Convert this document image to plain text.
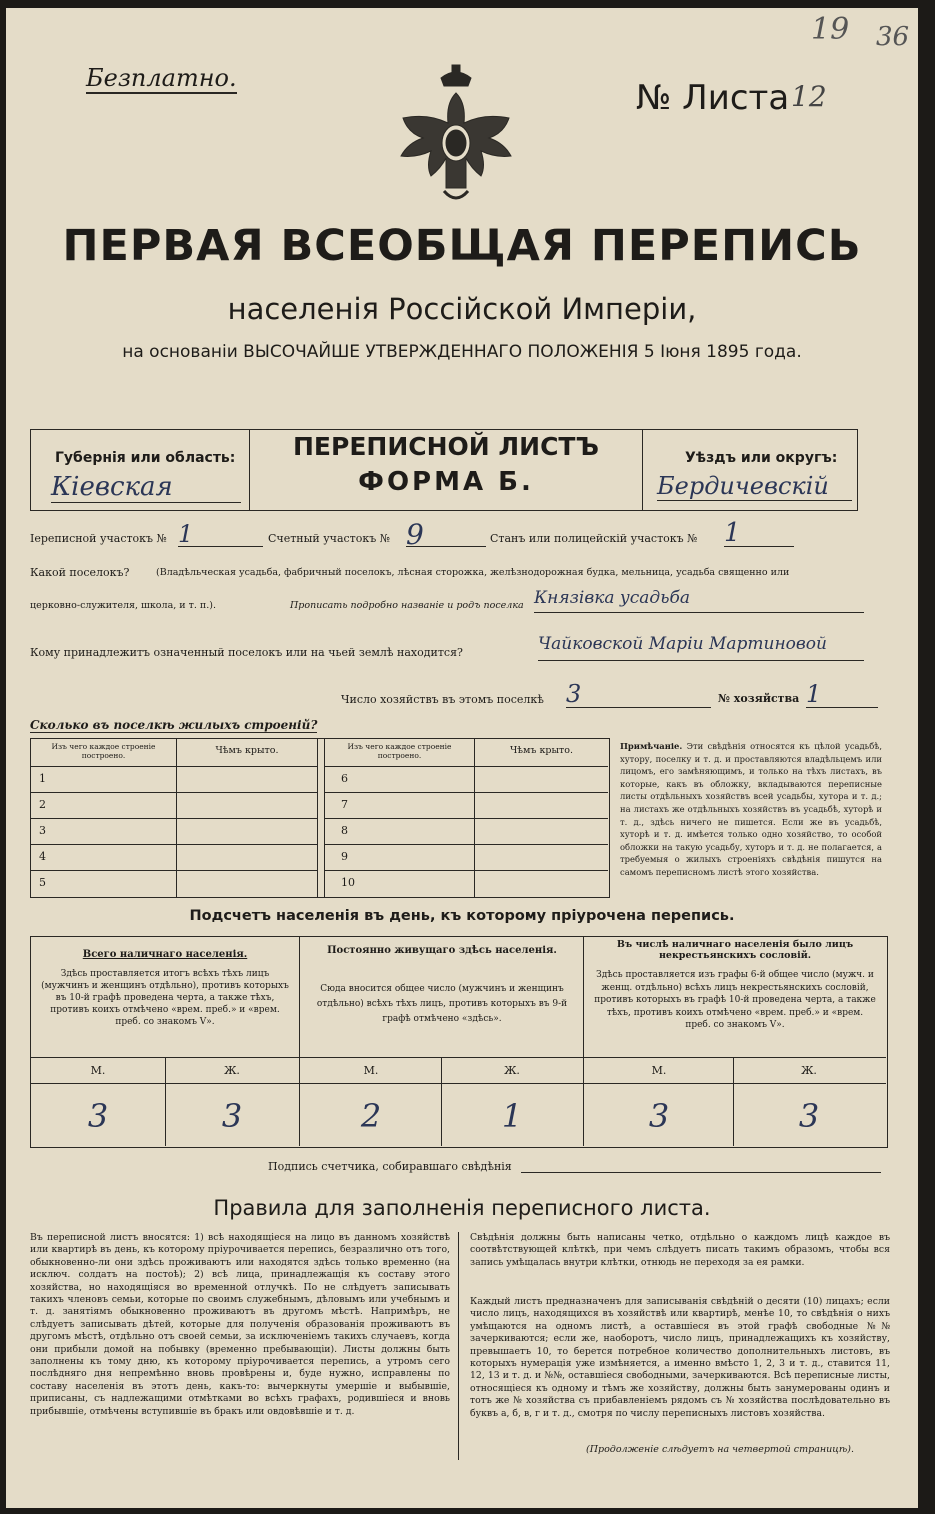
19 36
Безплатно.	№ Листа 12
ПЕРВАЯ ВСЕОБЩАЯ ПЕРЕПИСЬ
населенія Россійской Имперіи,
на основаніи ВЫСОЧАЙШЕ УТВЕРЖДЕННАГО ПОЛОЖЕНІЯ 5 Іюня 1895 года.
ПЕРЕПИСНОЙ ЛИСТЪ
ФОРМА Б.
Губернія или область:
Кіевская
Уѣздъ или округъ:
Бердичевскій
Іереписной участокъ № 1	Счетный участокъ № 9	Станъ или полицейскій участокъ № 1
Какой поселокъ?	(Владѣльческая усадьба, фабричный поселокъ, лѣсная сторожка, желѣзнодорожная будка, мельница, усадьба священно или
церковно-служителя, школа, и т. п.).	Прописать подробно названіе и родъ поселка Князівка усадьба
Кому принадлежитъ означенный поселокъ или на чьей землѣ находится?	Чайковской Маріи Мартиновой
Число хозяйствъ въ этомъ поселкѣ 3	№ хозяйства 1
Сколько въ поселкѣ жилыхъ строеній?
Изъ чего каждое строеніе построено.	Чѣмъ крыто.	Изъ чего каждое строеніе построено.	Чѣмъ крыто.
1
2
3
4
5
6
7
8
9
10
Примѣчаніе. Эти свѣдѣнія относятся къ цѣлой усадьбѣ, хутору, поселку и т. д. и проставляются владѣльцемъ или лицомъ, его замѣняющимъ, и только на тѣхъ листахъ, въ которые, какъ въ обложку, вкладываются переписные листы отдѣльныхъ хозяйствъ всей усадьбы, хутора и т. д.; на листахъ же отдѣльныхъ хозяйствъ въ усадьбѣ, хуторѣ и т. д., здѣсь ничего не пишется. Если же въ усадьбѣ, хуторѣ и т. д. имѣется только одно хозяйство, то особой обложки на такую усадьбу, хуторъ и т. д. не полагается, а требуемыя о жилыхъ строеніяхъ свѣдѣнія пишутся на самомъ переписномъ листѣ этого хозяйства.
Подсчетъ населенія въ день, къ которому пріурочена перепись.
Всего наличнаго населенія.
Здѣсь проставляется итогъ всѣхъ тѣхъ лицъ (мужчинъ и женщинъ отдѣльно), противъ которыхъ въ 10-й графѣ проведена черта, а также тѣхъ, противъ коихъ отмѣчено «врем. преб.» и «врем. преб. со знакомъ V».
Постоянно живущаго здѣсь населенія.
Сюда вносится общее число (мужчинъ и женщинъ отдѣльно) всѣхъ тѣхъ лицъ, противъ которыхъ въ 9-й графѣ отмѣчено «здѣсь».
Въ числѣ наличнаго населенія было лицъ некрестьянскихъ сословій.
Здѣсь проставляется изъ графы 6-й общее число (мужч. и женщ. отдѣльно) всѣхъ лицъ некрестьянскихъ сословій, противъ которыхъ въ графѣ 10-й проведена черта, а также тѣхъ, противъ коихъ отмѣчено «врем. преб.» и «врем. преб. со знакомъ V».
М.	Ж.	М.	Ж.	М.	Ж.
3	3	2	1	3	3
Подпись счетчика, собиравшаго свѣдѣнія
Правила для заполненія переписного листа.
Въ переписной листъ вносятся: 1) всѣ находящіеся на лицо въ данномъ хозяйствѣ или квартирѣ въ день, къ которому пріурочивается перепись, безразлично отъ того, обыкновенно-ли они здѣсь проживаютъ или находятся здѣсь только временно (на исключ. солдатъ на постоѣ); 2) всѣ лица, принадлежащія къ составу этого хозяйства, но находящіяся во временной отлучкѣ. По не слѣдуетъ записывать такихъ членовъ семьи, которые по своимъ служебнымъ, дѣловымъ или учебнымъ и т. д. занятіямъ обыкновенно проживаютъ въ другомъ мѣстѣ. Напримѣръ, не слѣдуетъ записывать дѣтей, которые для полученія образованія проживаютъ въ другомъ мѣстѣ, отдѣльно отъ своей семьи, за исключеніемъ такихъ случаевъ, когда они прибыли домой на побывку (временно пребывающіи). Листы должны быть заполнены къ тому дню, къ которому пріурочивается перепись, а утромъ сего послѣдняго дня непремѣнно вновь провѣрены и, буде нужно, исправлены по составу населенія въ этотъ день, какъ-то: вычеркнуты умершіе и выбывшіе, приписаны, съ надлежащими отмѣтками во всѣхъ графахъ, родившіеся и вновь прибывшіе, отмѣчены вступившіе въ бракъ или овдовѣвшіе и т. д.
Свѣдѣнія должны быть написаны четко, отдѣльно о каждомъ лицѣ каждое въ соотвѣтствующей клѣткѣ, при чемъ слѣдуетъ писать такимъ образомъ, чтобы вся запись умѣщалась внутри клѣтки, отнюдь не переходя за ея рамки.
Каждый листъ предназначенъ для записыванія свѣдѣній о десяти (10) лицахъ; если число лицъ, находящихся въ хозяйствѣ или квартирѣ, менѣе 10, то свѣдѣнія о нихъ умѣщаются на одномъ листѣ, а оставшіеся въ этой графѣ свободные №№ зачеркиваются; если же, наоборотъ, число лицъ, принадлежащихъ къ хозяйству, превышаетъ 10, то берется потребное количество дополнительныхъ листовъ, въ которыхъ нумерація уже измѣняется, а именно вмѣсто 1, 2, 3 и т. д., ставится 11, 12, 13 и т. д. и №№, оставшіеся свободными, зачеркиваются. Всѣ переписные листы, относящіеся къ одному и тѣмъ же хозяйству, должны быть занумерованы одинъ и тотъ же № хозяйства съ прибавленіемъ рядомъ съ № хозяйства послѣдовательно въ буквъ а, б, в, г и т. д., смотря по числу переписныхъ листовъ хозяйства.
(Продолженіе слѣдуетъ на четвертой страницѣ).
